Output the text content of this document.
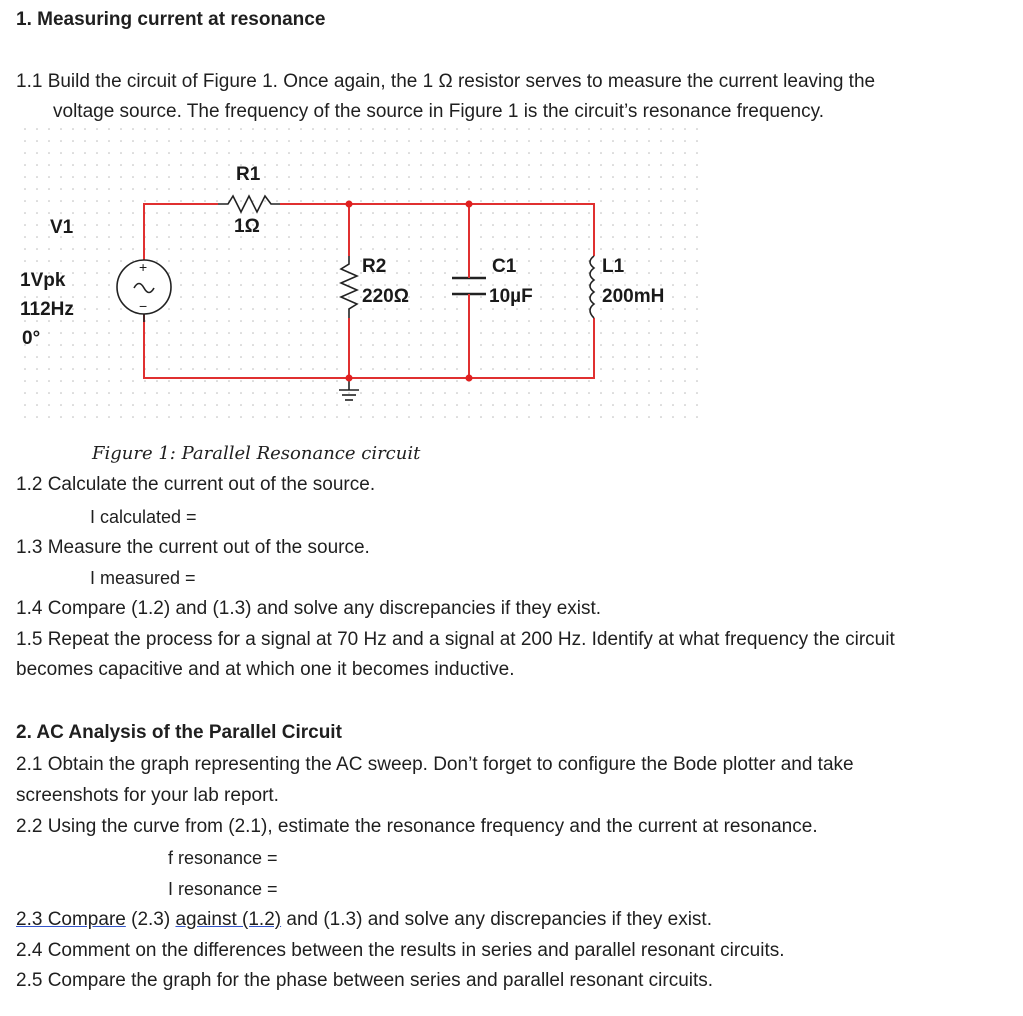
1. Measuring current at resonance
1.1 Build the circuit of Figure 1. Once again, the 1 Ω resistor serves to measure the current leaving the
voltage source. The frequency of the source in Figure 1 is the circuit’s resonance frequency.
+
−
R1
1Ω
V1
1Vpk
112Hz
0°
R2
220Ω
C1
10µF
L1
200mH
Figure 1: Parallel Resonance circuit
1.2 Calculate the current out of the source.
I calculated =
1.3 Measure the current out of the source.
I measured =
1.4 Compare (1.2) and (1.3) and solve any discrepancies if they exist.
1.5 Repeat the process for a signal at 70 Hz and a signal at 200 Hz. Identify at what frequency the circuit
becomes capacitive and at which one it becomes inductive.
2. AC Analysis of the Parallel Circuit
2.1 Obtain the graph representing the AC sweep. Don’t forget to configure the Bode plotter and take
screenshots for your lab report.
2.2 Using the curve from (2.1), estimate the resonance frequency and the current at resonance.
f resonance =
I resonance =
2.3 Compare (2.3) against (1.2) and (1.3) and solve any discrepancies if they exist.
2.4 Comment on the differences between the results in series and parallel resonant circuits.
2.5 Compare the graph for the phase between series and parallel resonant circuits.
